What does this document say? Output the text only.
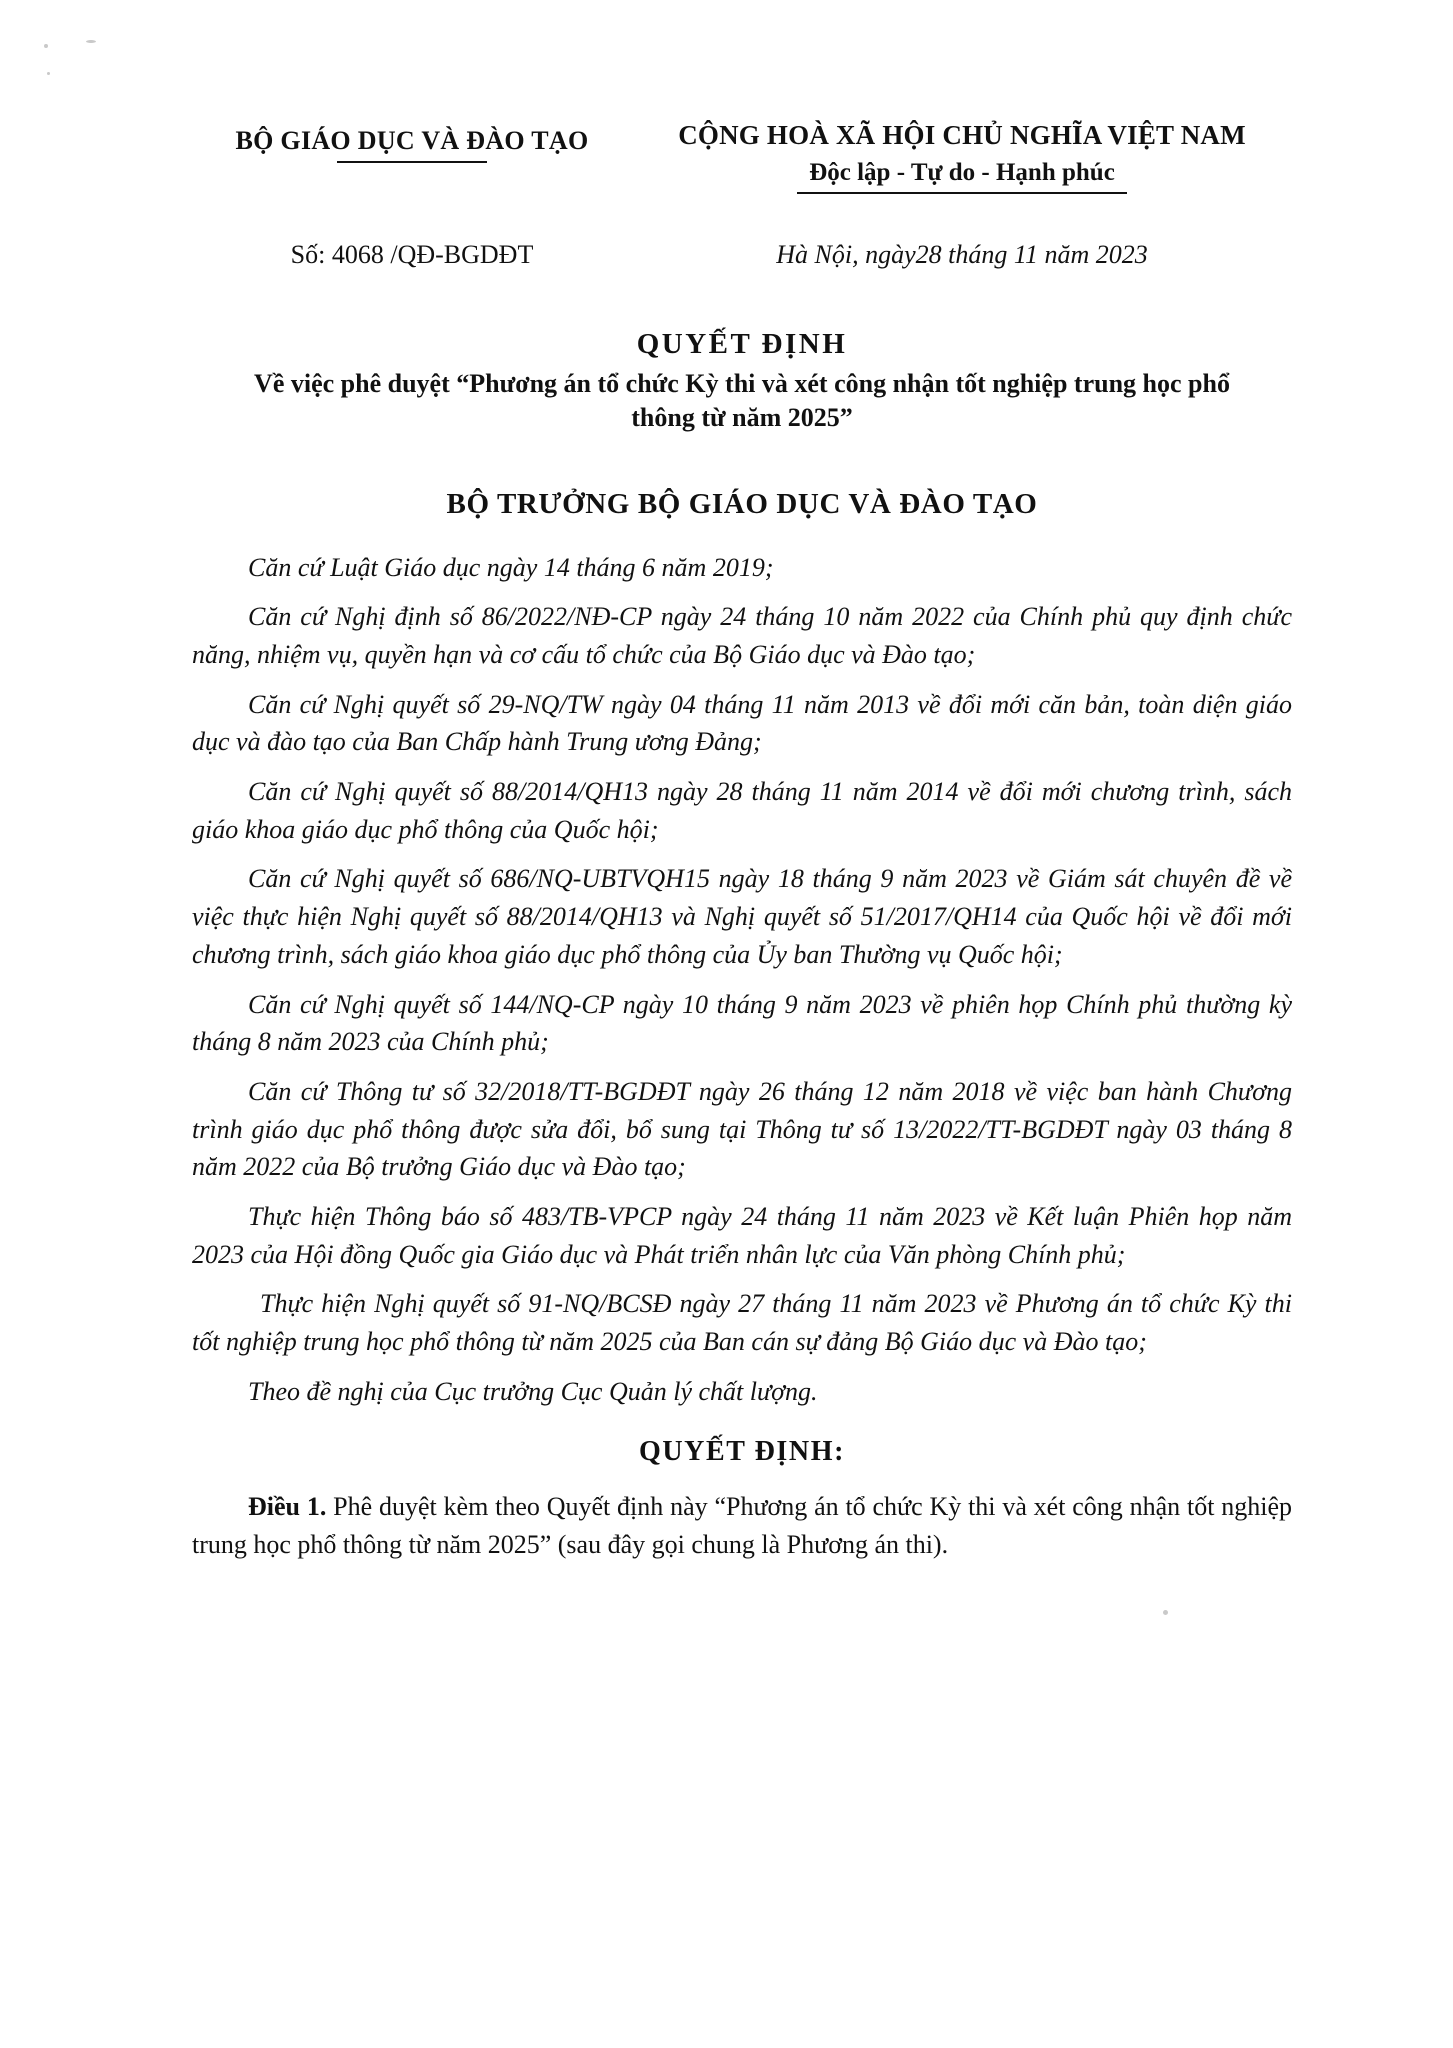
BỘ GIÁO DỤC VÀ ĐÀO TẠO	CỘNG HOÀ XÃ HỘI CHỦ NGHĨA VIỆT NAM
Độc lập - Tự do - Hạnh phúc
Số: 4068 /QĐ-BGDĐT	Hà Nội, ngày28 tháng 11 năm 2023
QUYẾT ĐỊNH
Về việc phê duyệt “Phương án tổ chức Kỳ thi và xét công nhận tốt nghiệp trung học phổ thông từ năm 2025”
BỘ TRƯỞNG BỘ GIÁO DỤC VÀ ĐÀO TẠO

Căn cứ Luật Giáo dục ngày 14 tháng 6 năm 2019;

Căn cứ Nghị định số 86/2022/NĐ-CP ngày 24 tháng 10 năm 2022 của Chính phủ quy định chức năng, nhiệm vụ, quyền hạn và cơ cấu tổ chức của Bộ Giáo dục và Đào tạo;

Căn cứ Nghị quyết số 29-NQ/TW ngày 04 tháng 11 năm 2013 về đổi mới căn bản, toàn diện giáo dục và đào tạo của Ban Chấp hành Trung ương Đảng;

Căn cứ Nghị quyết số 88/2014/QH13 ngày 28 tháng 11 năm 2014 về đổi mới chương trình, sách giáo khoa giáo dục phổ thông của Quốc hội;

Căn cứ Nghị quyết số 686/NQ-UBTVQH15 ngày 18 tháng 9 năm 2023 về Giám sát chuyên đề về việc thực hiện Nghị quyết số 88/2014/QH13 và Nghị quyết số 51/2017/QH14 của Quốc hội về đổi mới chương trình, sách giáo khoa giáo dục phổ thông của Ủy ban Thường vụ Quốc hội;

Căn cứ Nghị quyết số 144/NQ-CP ngày 10 tháng 9 năm 2023 về phiên họp Chính phủ thường kỳ tháng 8 năm 2023 của Chính phủ;

Căn cứ Thông tư số 32/2018/TT-BGDĐT ngày 26 tháng 12 năm 2018 về việc ban hành Chương trình giáo dục phổ thông được sửa đổi, bổ sung tại Thông tư số 13/2022/TT-BGDĐT ngày 03 tháng 8 năm 2022 của Bộ trưởng Giáo dục và Đào tạo;

Thực hiện Thông báo số 483/TB-VPCP ngày 24 tháng 11 năm 2023 về Kết luận Phiên họp năm 2023 của Hội đồng Quốc gia Giáo dục và Phát triển nhân lực của Văn phòng Chính phủ;

Thực hiện Nghị quyết số 91-NQ/BCSĐ ngày 27 tháng 11 năm 2023 về Phương án tổ chức Kỳ thi tốt nghiệp trung học phổ thông từ năm 2025 của Ban cán sự đảng Bộ Giáo dục và Đào tạo;

Theo đề nghị của Cục trưởng Cục Quản lý chất lượng.

QUYẾT ĐỊNH:

Điều 1. Phê duyệt kèm theo Quyết định này “Phương án tổ chức Kỳ thi và xét công nhận tốt nghiệp trung học phổ thông từ năm 2025” (sau đây gọi chung là Phương án thi).
